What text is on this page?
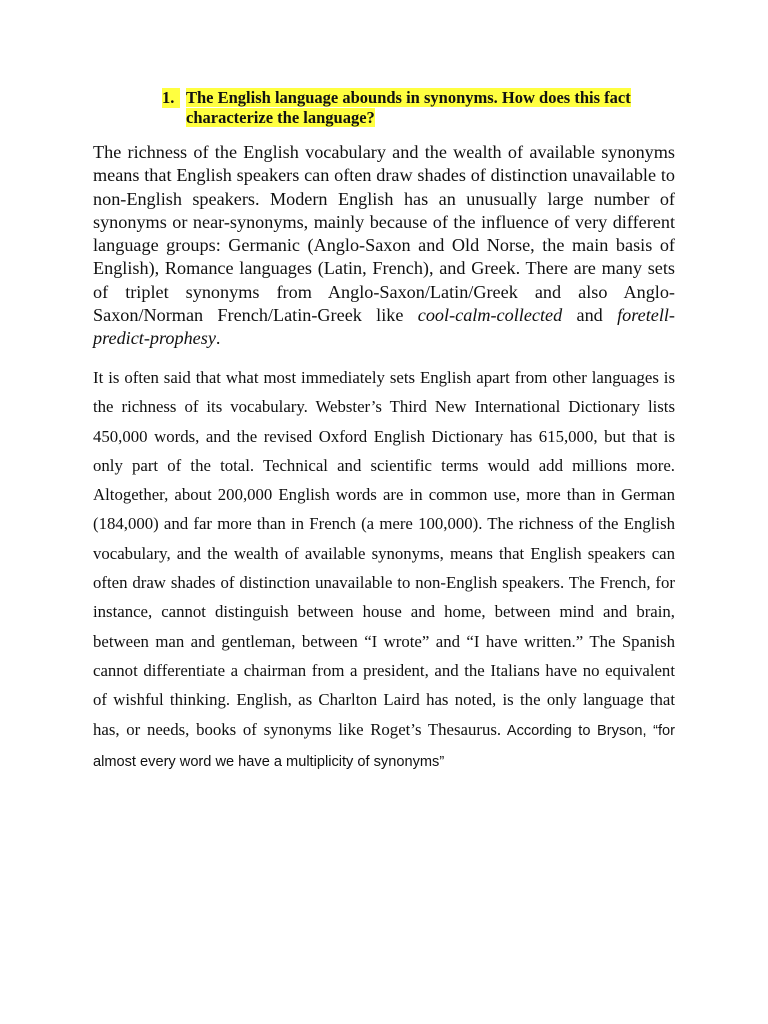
1. The English language abounds in synonyms. How does this fact characterize the language?

The richness of the English vocabulary and the wealth of available synonyms means that English speakers can often draw shades of distinction unavailable to non-English speakers. Modern English has an unusually large number of synonyms or near-synonyms, mainly because of the influence of very different language groups: Germanic (Anglo-Saxon and Old Norse, the main basis of English), Romance languages (Latin, French), and Greek. There are many sets of triplet synonyms from Anglo-Saxon/Latin/Greek and also Anglo-Saxon/Norman French/Latin-Greek like cool-calm-collected and foretell-predict-prophesy.

It is often said that what most immediately sets English apart from other languages is the richness of its vocabulary. Webster’s Third New International Dictionary lists 450,000 words, and the revised Oxford English Dictionary has 615,000, but that is only part of the total. Technical and scientific terms would add millions more. Altogether, about 200,000 English words are in common use, more than in German (184,000) and far more than in French (a mere 100,000). The richness of the English vocabulary, and the wealth of available synonyms, means that English speakers can often draw shades of distinction unavailable to non-English speakers. The French, for instance, cannot distinguish between house and home, between mind and brain, between man and gentleman, between “I wrote” and “I have written.” The Spanish cannot differentiate a chairman from a president, and the Italians have no equivalent of wishful thinking. English, as Charlton Laird has noted, is the only language that has, or needs, books of synonyms like Roget’s Thesaurus. According to Bryson, “for almost every word we have a multiplicity of synonyms”
